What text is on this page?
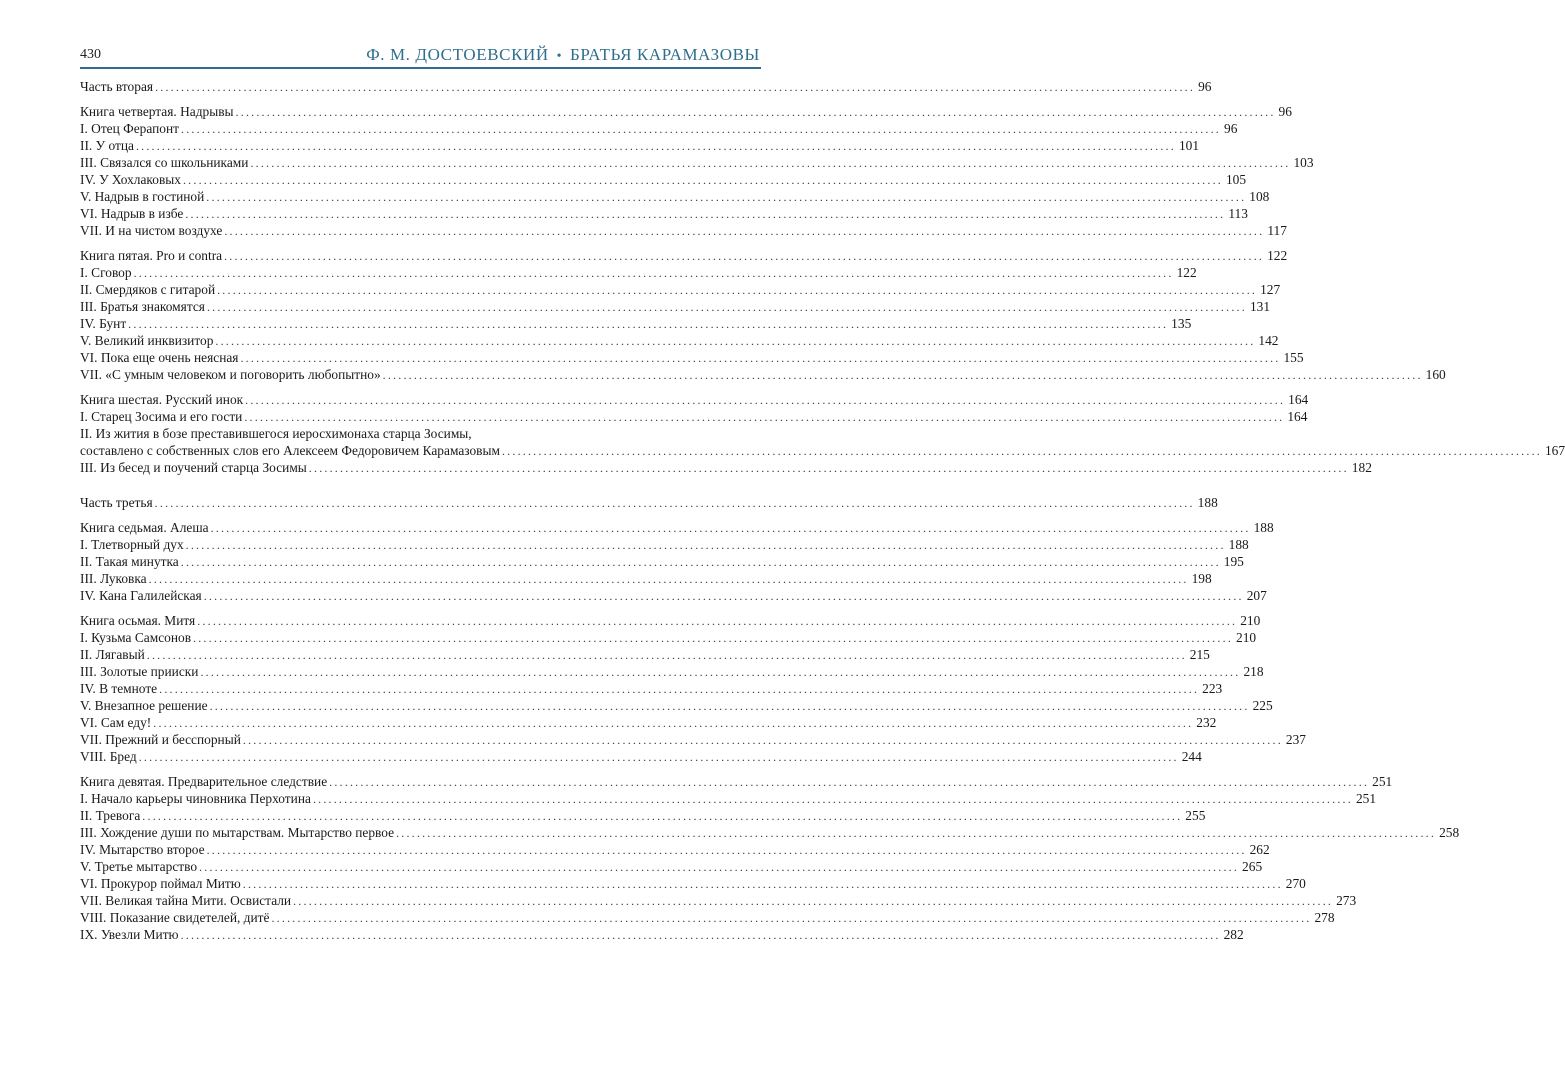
430	Ф. М. ДОСТОЕВСКИЙ • БРАТЬЯ КАРАМАЗОВЫ
Часть вторая ........................................................................................................................................................................................................ 96
Книга четвертая. Надрывы ........................................................................................................................................................................................................ 96
I. Отец Ферапонт ........................................................................................................................................................................................................ 96
II. У отца ........................................................................................................................................................................................................ 101
III. Связался со школьниками ........................................................................................................................................................................................................ 103
IV. У Хохлаковых ........................................................................................................................................................................................................ 105
V. Надрыв в гостиной ........................................................................................................................................................................................................ 108
VI. Надрыв в избе ........................................................................................................................................................................................................ 113
VII. И на чистом воздухе ........................................................................................................................................................................................................ 117
Книга пятая. Pro и contra ........................................................................................................................................................................................................ 122
I. Сговор ........................................................................................................................................................................................................ 122
II. Смердяков с гитарой ........................................................................................................................................................................................................ 127
III. Братья знакомятся ........................................................................................................................................................................................................ 131
IV. Бунт ........................................................................................................................................................................................................ 135
V. Великий инквизитор ........................................................................................................................................................................................................ 142
VI. Пока еще очень неясная ........................................................................................................................................................................................................ 155
VII. «С умным человеком и поговорить любопытно» ........................................................................................................................................................................................................ 160
Книга шестая. Русский инок ........................................................................................................................................................................................................ 164
I. Старец Зосима и его гости ........................................................................................................................................................................................................ 164
II. Из жития в бозе преставившегося иеросхимонаха старца Зосимы,
составлено с собственных слов его Алексеем Федоровичем Карамазовым ........................................................................................................................................................................................................ 167
III. Из бесед и поучений старца Зосимы ........................................................................................................................................................................................................ 182
Часть третья ........................................................................................................................................................................................................ 188
Книга седьмая. Алеша ........................................................................................................................................................................................................ 188
I. Тлетворный дух ........................................................................................................................................................................................................ 188
II. Такая минутка ........................................................................................................................................................................................................ 195
III. Луковка ........................................................................................................................................................................................................ 198
IV. Кана Галилейская ........................................................................................................................................................................................................ 207
Книга осьмая. Митя ........................................................................................................................................................................................................ 210
I. Кузьма Самсонов ........................................................................................................................................................................................................ 210
II. Лягавый ........................................................................................................................................................................................................ 215
III. Золотые прииски ........................................................................................................................................................................................................ 218
IV. В темноте ........................................................................................................................................................................................................ 223
V. Внезапное решение ........................................................................................................................................................................................................ 225
VI. Сам еду! ........................................................................................................................................................................................................ 232
VII. Прежний и бесспорный ........................................................................................................................................................................................................ 237
VIII. Бред ........................................................................................................................................................................................................ 244
Книга девятая. Предварительное следствие ........................................................................................................................................................................................................ 251
I. Начало карьеры чиновника Перхотина ........................................................................................................................................................................................................ 251
II. Тревога ........................................................................................................................................................................................................ 255
III. Хождение души по мытарствам. Мытарство первое ........................................................................................................................................................................................................ 258
IV. Мытарство второе ........................................................................................................................................................................................................ 262
V. Третье мытарство ........................................................................................................................................................................................................ 265
VI. Прокурор поймал Митю ........................................................................................................................................................................................................ 270
VII. Великая тайна Мити. Освистали ........................................................................................................................................................................................................ 273
VIII. Показание свидетелей, дитё ........................................................................................................................................................................................................ 278
IX. Увезли Митю ........................................................................................................................................................................................................ 282
